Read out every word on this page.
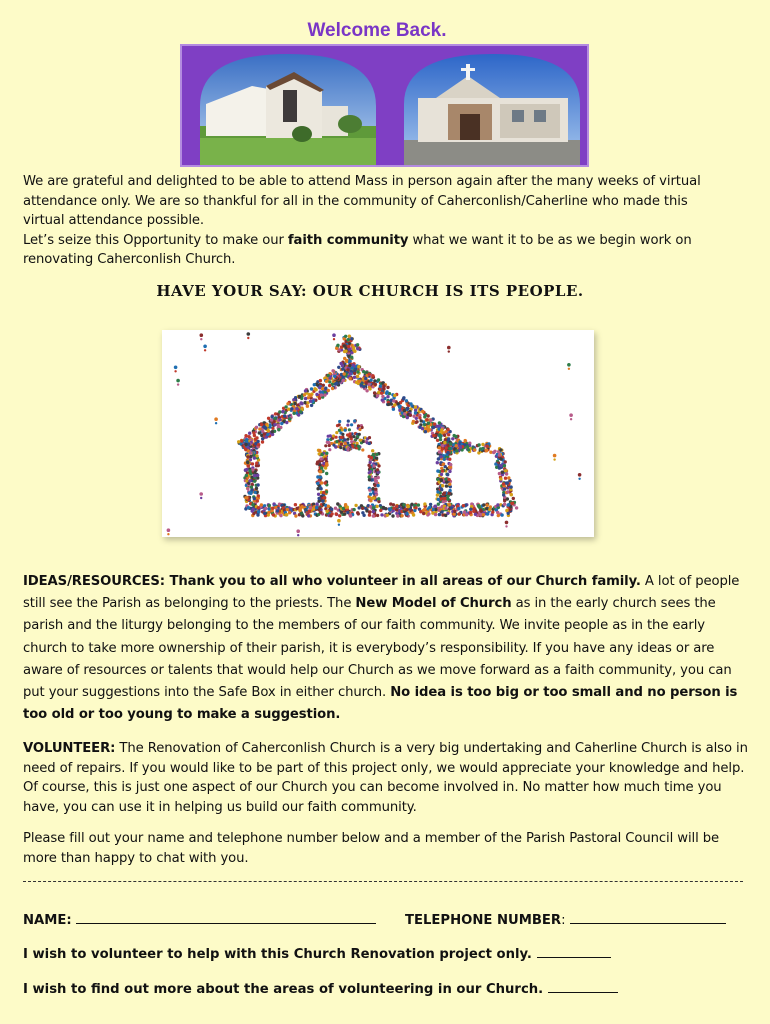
Welcome Back.
We are grateful and delighted to be able to attend Mass in person again after the many weeks of virtual
attendance only. We are so thankful for all in the community of Caherconlish/Caherline who made this
virtual attendance possible.
Let’s seize this Opportunity to make our faith community what we want it to be as we begin work on
renovating Caherconlish Church.
HAVE YOUR SAY: OUR CHURCH IS ITS PEOPLE.
IDEAS/RESOURCES: Thank you to all who volunteer in all areas of our Church family. A lot of people still see the Parish as belonging to the priests. The New Model of Church as in the early church sees the parish and the liturgy belonging to the members of our faith community. We invite people as in the early church to take more ownership of their parish, it is everybody’s responsibility. If you have any ideas or are aware of resources or talents that would help our Church as we move forward as a faith community, you can put your suggestions into the Safe Box in either church. No idea is too big or too small and no person is too old or too young to make a suggestion.
VOLUNTEER: The Renovation of Caherconlish Church is a very big undertaking and Caherline Church is also in need of repairs. If you would like to be part of this project only, we would appreciate your knowledge and help. Of course, this is just one aspect of our Church you can become involved in. No matter how much time you have, you can use it in helping us build our faith community.
Please fill out your name and telephone number below and a member of the Parish Pastoral Council will be more than happy to chat with you.
NAME:	TELEPHONE NUMBER:
I wish to volunteer to help with this Church Renovation project only.
I wish to find out more about the areas of volunteering in our Church.
